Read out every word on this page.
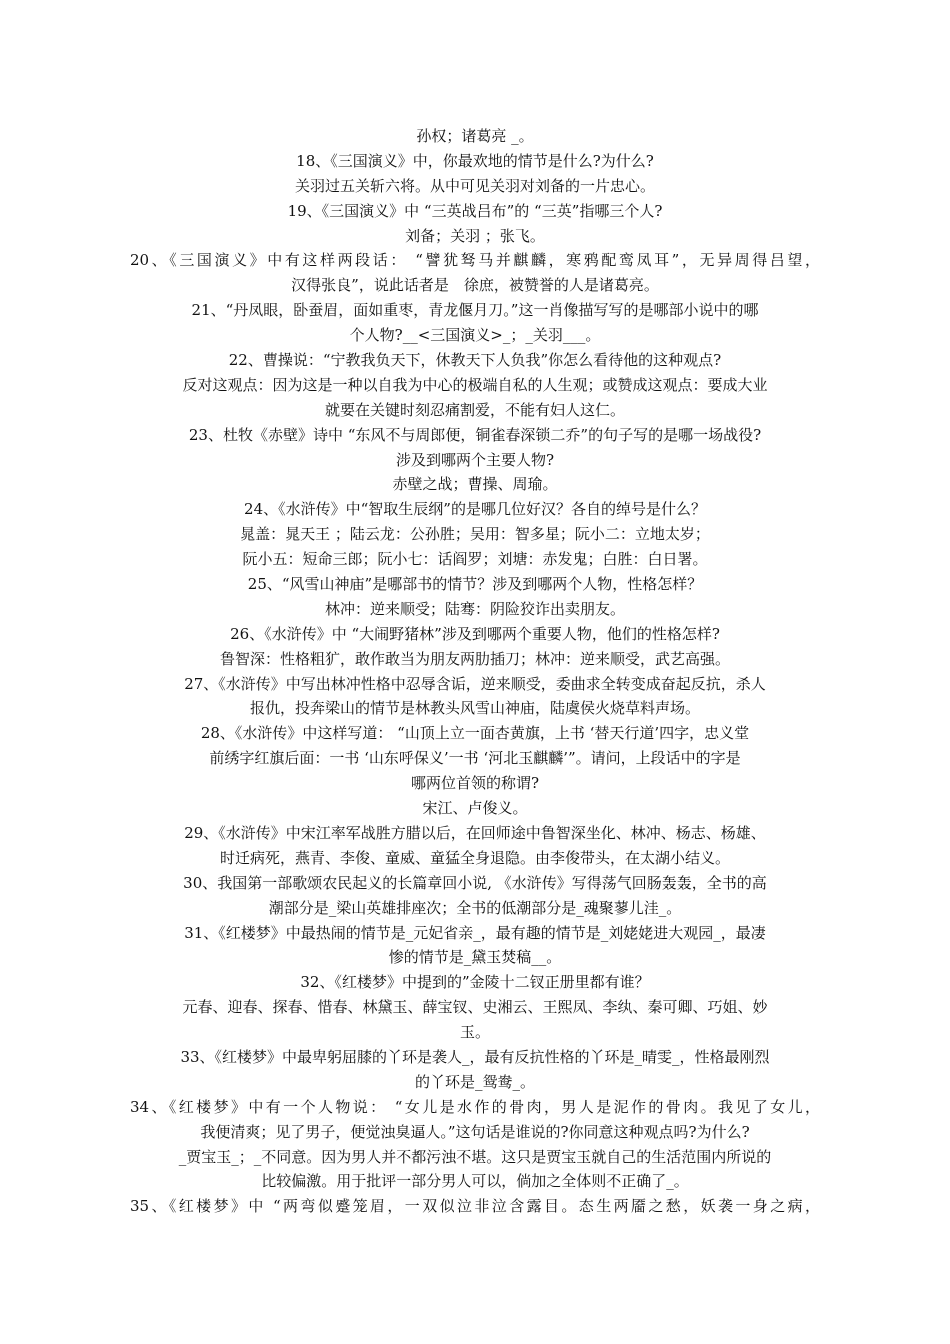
孙权；诸葛亮 _。
18、《三国演义》中，你最欢地的情节是什么?为什么?
关羽过五关斩六将。从中可见关羽对刘备的一片忠心。
19、《三国演义》中 “三英战吕布”的 “三英”指哪三个人?
刘备；关羽 ；张飞。
20、《三国演义》中有这样两段话： “譬犹驽马并麒麟，寒鸦配鸾凤耳”，无异周得吕望，
汉得张良”，说此话者是　徐庶，被赞誉的人是诸葛亮。
21、“丹凤眼，卧蚕眉，面如重枣，青龙偃月刀。”这一肖像描写写的是哪部小说中的哪
个人物?__<三国演义>_；_关羽___。
22、曹操说：“宁教我负天下，休教天下人负我”你怎么看待他的这种观点?
反对这观点：因为这是一种以自我为中心的极端自私的人生观；或赞成这观点：要成大业
就要在关键时刻忍痛割爱，不能有妇人这仁。
23、杜牧《赤壁》诗中 “东风不与周郎便，铜雀春深锁二乔”的句子写的是哪一场战役?
涉及到哪两个主要人物?
赤壁之战；曹操、周瑜。
24、《水浒传》中“智取生辰纲”的是哪几位好汉？各自的绰号是什么？
晁盖：晁天王 ；陆云龙：公孙胜；吴用：智多星；阮小二：立地太岁；
阮小五：短命三郎；阮小七：话阎罗；刘塘：赤发鬼；白胜：白日署。
25、“风雪山神庙”是哪部书的情节？涉及到哪两个人物，性格怎样？
林冲：逆来顺受；陆骞：阴险狡诈出卖朋友。
26、《水浒传》中 “大闹野猪林”涉及到哪两个重要人物，他们的性格怎样?
鲁智深：性格粗犷，敢作敢当为朋友两肋插刀；林冲：逆来顺受，武艺高强。
27、《水浒传》中写出林冲性格中忍辱含诟，逆来顺受，委曲求全转变成奋起反抗，杀人
报仇，投奔梁山的情节是林教头风雪山神庙，陆虞侯火烧草料声场。
28、《水浒传》中这样写道： “山顶上立一面杏黄旗，上书 ‘替天行道’四字，忠义堂
前绣字红旗后面：一书 ‘山东呼保义’一书 ‘河北玉麒麟’”。请问，上段话中的字是
哪两位首领的称谓?
宋江、卢俊义。
29、《水浒传》中宋江率军战胜方腊以后，在回师途中鲁智深坐化、林冲、杨志、杨雄、
时迁病死，燕青、李俊、童威、童猛全身退隐。由李俊带头，在太湖小结义。
30、我国第一部歌颂农民起义的长篇章回小说, 《水浒传》写得荡气回肠轰轰，全书的高
潮部分是_梁山英雄排座次；全书的低潮部分是_魂聚蓼儿洼_。
31、《红楼梦》中最热闹的情节是_元妃省亲_，最有趣的情节是_刘姥姥进大观园_，最凄
惨的情节是_黛玉焚稿__。
32、《红楼梦》中提到的”金陵十二钗正册里都有谁？
元春、迎春、探春、惜春、林黛玉、薛宝钗、史湘云、王熙凤、李纨、秦可卿、巧姐、妙
玉。
33、《红楼梦》中最卑躬屈膝的丫环是袭人_，最有反抗性格的丫环是_晴雯_，性格最刚烈
的丫环是_鸳鸯_。
34、《红楼梦》中有一个人物说： “女儿是水作的骨肉，男人是泥作的骨肉。我见了女儿，
我便清爽；见了男子，便觉浊臭逼人。”这句话是谁说的?你同意这种观点吗?为什么?
_贾宝玉_；_不同意。因为男人并不都污浊不堪。这只是贾宝玉就自己的生活范围内所说的
比较偏激。用于批评一部分男人可以，倘加之全体则不正确了_。
35、《红楼梦》中 “两弯似蹙笼眉，一双似泣非泣含露目。态生两靥之愁，妖袭一身之病，
